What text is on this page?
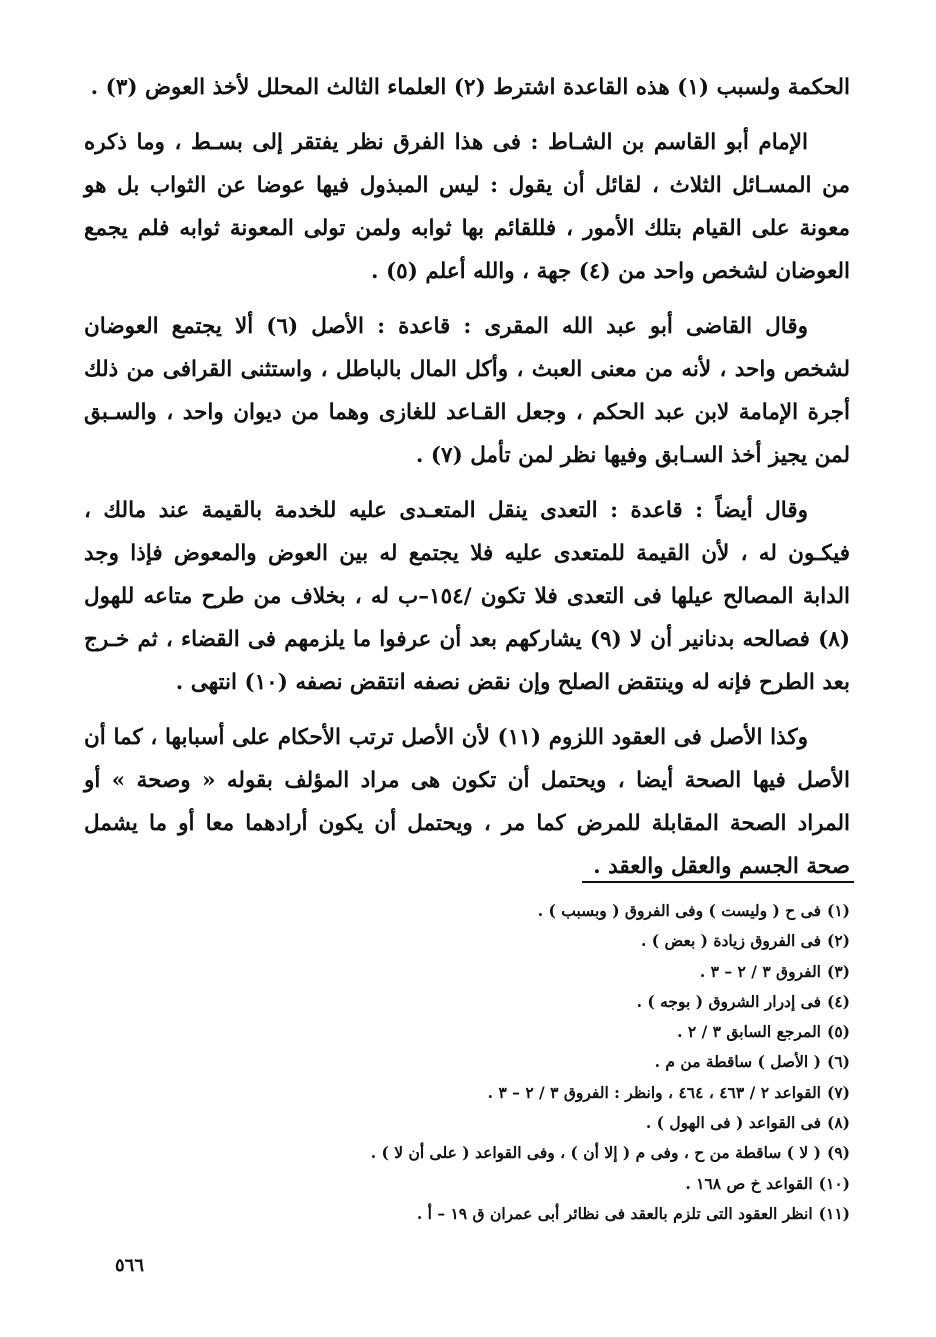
الحكمة ولسبب (١) هذه القاعدة اشترط (٢) العلماء الثالث المحلل لأخذ العوض (٣) .

الإمام أبو القاسم بن الشـاط : فى هذا الفرق نظر يفتقر إلى بسـط ، وما ذكره من المسـائل الثلاث ، لقائل أن يقول : ليس المبذول فيها عوضا عن الثواب بل هو معونة على القيام بتلك الأمور ، فللقائم بها ثوابه ولمن تولى المعونة ثوابه فلم يجمع العوضان لشخص واحد من (٤) جهة ، والله أعلم (٥) .

وقال القاضى أبو عبد الله المقرى : قاعدة : الأصل (٦) ألا يجتمع العوضان لشخص واحد ، لأنه من معنى العبث ، وأكل المال بالباطل ، واستثنى القرافى من ذلك أجرة الإمامة لابن عبد الحكم ، وجعل القـاعد للغازى وهما من ديوان واحد ، والسـبق لمن يجيز أخذ السـابق وفيها نظر لمن تأمل (٧) .

وقال أيضاً : قاعدة : التعدى ينقل المتعـدى عليه للخدمة بالقيمة عند مالك ، فيكـون له ، لأن القيمة للمتعدى عليه فلا يجتمع له بين العوض والمعوض فإذا وجد الدابة المصالح عيلها فى التعدى فلا تكون /١٥٤–ب له ، بخلاف من طرح متاعه للهول (٨) فصالحه بدنانير أن لا (٩) يشاركهم بعد أن عرفوا ما يلزمهم فى القضاء ، ثم خـرج بعد الطرح فإنه له وينتقض الصلح وإن نقض نصفه انتقض نصفه (١٠) انتهى .

وكذا الأصل فى العقود اللزوم (١١) لأن الأصل ترتب الأحكام على أسبابها ، كما أن الأصل فيها الصحة أيضا ، ويحتمل أن تكون هى مراد المؤلف بقوله « وصحة » أو المراد الصحة المقابلة للمرض كما مر ، ويحتمل أن يكون أرادهما معا أو ما يشمل صحة الجسم والعقل والعقد .

(١)فى ح ( وليست ) وفى الفروق ( وبسبب ) .
(٢)فى الفروق زيادة ( بعض ) .
(٣)الفروق ٣ / ٢ – ٣ .
(٤)فى إدرار الشروق ( بوجه ) .
(٥)المرجع السابق ٣ / ٢ .
(٦)( الأصل ) ساقطة من م .
(٧)القواعد ٢ / ٤٦٣ ، ٤٦٤ ، وانظر : الفروق ٣ / ٢ – ٣ .
(٨)فى القواعد ( فى الهول ) .
(٩)( لا ) ساقطة من ح ، وفى م ( إلا أن ) ، وفى القواعد ( على أن لا ) .
(١٠)القواعد خ ص ١٦٨ .
(١١)انظر العقود التى تلزم بالعقد فى نظائر أبى عمران ق ١٩ – أ .
٥٦٦
